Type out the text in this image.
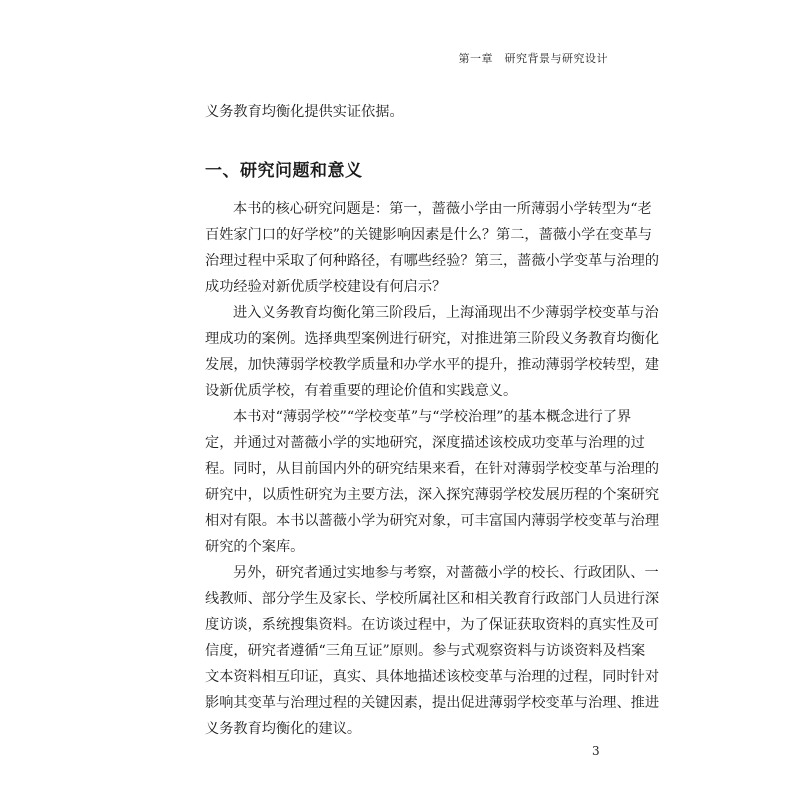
第一章　研究背景与研究设计

义务教育均衡化提供实证依据。

一、研究问题和意义
本书的核心研究问题是：第一，蔷薇小学由一所薄弱小学转型为“老
百姓家门口的好学校”的关键影响因素是什么？第二，蔷薇小学在变革与
治理过程中采取了何种路径，有哪些经验？第三，蔷薇小学变革与治理的
成功经验对新优质学校建设有何启示？
进入义务教育均衡化第三阶段后，上海涌现出不少薄弱学校变革与治
理成功的案例。选择典型案例进行研究，对推进第三阶段义务教育均衡化
发展，加快薄弱学校教学质量和办学水平的提升，推动薄弱学校转型，建
设新优质学校，有着重要的理论价值和实践意义。
本书对“薄弱学校”“学校变革”与“学校治理”的基本概念进行了界
定，并通过对蔷薇小学的实地研究，深度描述该校成功变革与治理的过
程。同时，从目前国内外的研究结果来看，在针对薄弱学校变革与治理的
研究中，以质性研究为主要方法，深入探究薄弱学校发展历程的个案研究
相对有限。本书以蔷薇小学为研究对象，可丰富国内薄弱学校变革与治理
研究的个案库。
另外，研究者通过实地参与考察，对蔷薇小学的校长、行政团队、一
线教师、部分学生及家长、学校所属社区和相关教育行政部门人员进行深
度访谈，系统搜集资料。在访谈过程中，为了保证获取资料的真实性及可
信度，研究者遵循“三角互证”原则。参与式观察资料与访谈资料及档案
文本资料相互印证，真实、具体地描述该校变革与治理的过程，同时针对
影响其变革与治理过程的关键因素，提出促进薄弱学校变革与治理、推进
义务教育均衡化的建议。
3
